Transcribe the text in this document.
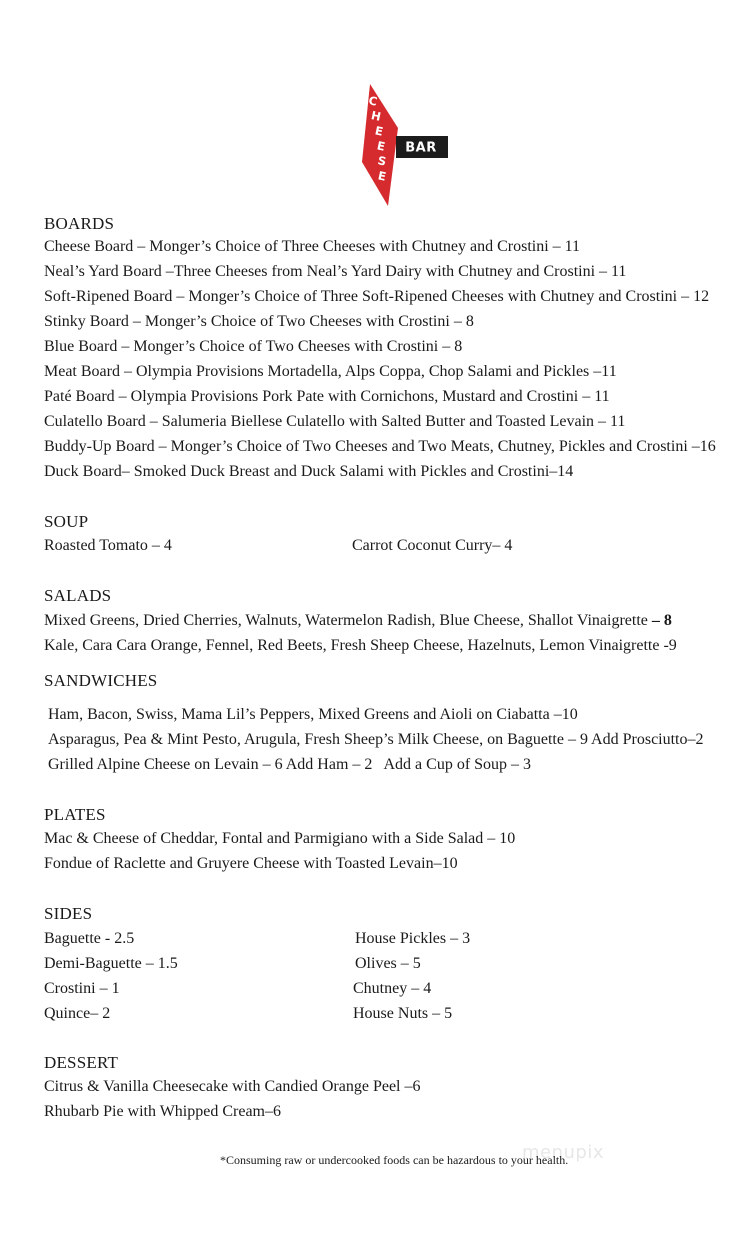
C
H
E
E
S
E
BAR
BOARDS
Cheese Board – Monger’s Choice of Three Cheeses with Chutney and Crostini – 11
Neal’s Yard Board –Three Cheeses from Neal’s Yard Dairy with Chutney and Crostini – 11
Soft-Ripened Board – Monger’s Choice of Three Soft-Ripened Cheeses with Chutney and Crostini – 12
Stinky Board – Monger’s Choice of Two Cheeses with Crostini – 8
Blue Board – Monger’s Choice of Two Cheeses with Crostini – 8
Meat Board – Olympia Provisions Mortadella, Alps Coppa, Chop Salami and Pickles –11
Paté Board – Olympia Provisions Pork Pate with Cornichons, Mustard and Crostini – 11
Culatello Board – Salumeria Biellese Culatello with Salted Butter and Toasted Levain – 11
Buddy-Up Board – Monger’s Choice of Two Cheeses and Two Meats, Chutney, Pickles and Crostini –16
Duck Board– Smoked Duck Breast and Duck Salami with Pickles and Crostini–14
SOUP
Roasted Tomato – 4	Carrot Coconut Curry– 4
SALADS
Mixed Greens, Dried Cherries, Walnuts, Watermelon Radish, Blue Cheese, Shallot Vinaigrette – 8
Kale, Cara Cara Orange, Fennel, Red Beets, Fresh Sheep Cheese, Hazelnuts, Lemon Vinaigrette -9
SANDWICHES
Ham, Bacon, Swiss, Mama Lil’s Peppers, Mixed Greens and Aioli on Ciabatta –10
Asparagus, Pea & Mint Pesto, Arugula, Fresh Sheep’s Milk Cheese, on Baguette – 9 Add Prosciutto–2
Grilled Alpine Cheese on Levain – 6 Add Ham – 2   Add a Cup of Soup – 3
PLATES
Mac & Cheese of Cheddar, Fontal and Parmigiano with a Side Salad – 10
Fondue of Raclette and Gruyere Cheese with Toasted Levain–10
SIDES
Baguette - 2.5
Demi-Baguette – 1.5
Crostini – 1
Quince– 2
House Pickles – 3
Olives – 5
Chutney – 4
House Nuts – 5
DESSERT
Citrus & Vanilla Cheesecake with Candied Orange Peel –6
Rhubarb Pie with Whipped Cream–6
menupix
*Consuming raw or undercooked foods can be hazardous to your health.
